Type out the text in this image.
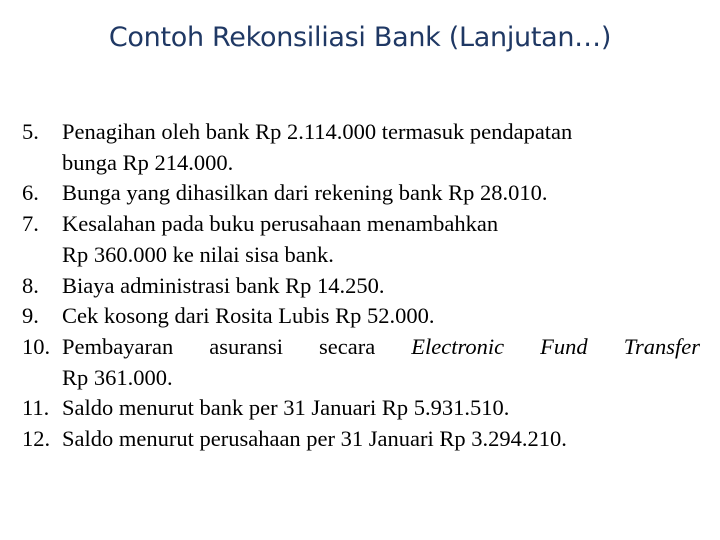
Contoh Rekonsiliasi Bank (Lanjutan…)
5.	Penagihan oleh bank Rp 2.114.000 termasuk pendapatan
bunga Rp 214.000.
6.	Bunga yang dihasilkan dari rekening bank Rp 28.010.
7.	Kesalahan pada buku perusahaan menambahkan
Rp 360.000 ke nilai sisa bank.
8.	Biaya administrasi bank Rp 14.250.
9.	Cek kosong dari Rosita Lubis Rp 52.000.
10. Pembayaran asuransi secara Electronic Fund Transfer
Rp 361.000.
11. Saldo menurut bank per 31 Januari Rp 5.931.510.
12. Saldo menurut perusahaan per 31 Januari Rp 3.294.210.
